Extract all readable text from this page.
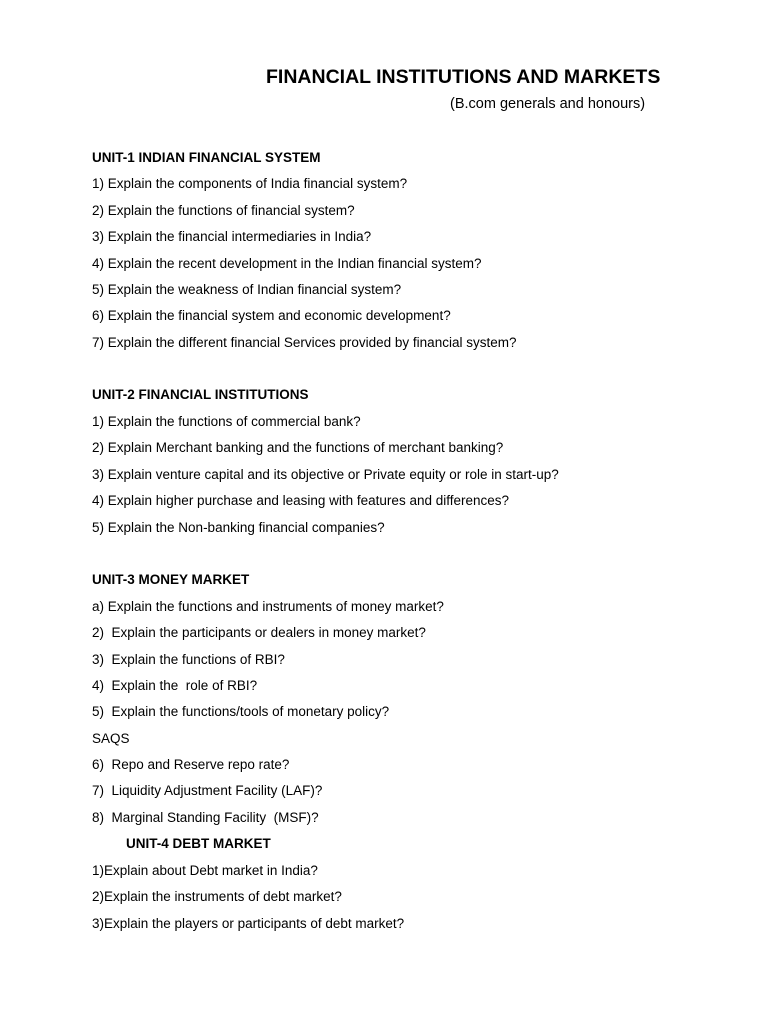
FINANCIAL INSTITUTIONS AND MARKETS
(B.com generals and honours)
UNIT-1 INDIAN FINANCIAL SYSTEM
1) Explain the components of India financial system?
2) Explain the functions of financial system?
3) Explain the financial intermediaries in India?
4) Explain the recent development in the Indian financial system?
5) Explain the weakness of Indian financial system?
6) Explain the financial system and economic development?
7) Explain the different financial Services provided by financial system?
UNIT-2 FINANCIAL INSTITUTIONS
1) Explain the functions of commercial bank?
2) Explain Merchant banking and the functions of merchant banking?
3) Explain venture capital and its objective or Private equity or role in start-up?
4) Explain higher purchase and leasing with features and differences?
5) Explain the Non-banking financial companies?
UNIT-3 MONEY MARKET
a) Explain the functions and instruments of money market?
2)  Explain the participants or dealers in money market?
3)  Explain the functions of RBI?
4)  Explain the  role of RBI?
5)  Explain the functions/tools of monetary policy?
SAQS
6)  Repo and Reserve repo rate?
7)  Liquidity Adjustment Facility (LAF)?
8)  Marginal Standing Facility  (MSF)?
UNIT-4 DEBT MARKET
1)Explain about Debt market in India?
2)Explain the instruments of debt market?
3)Explain the players or participants of debt market?
